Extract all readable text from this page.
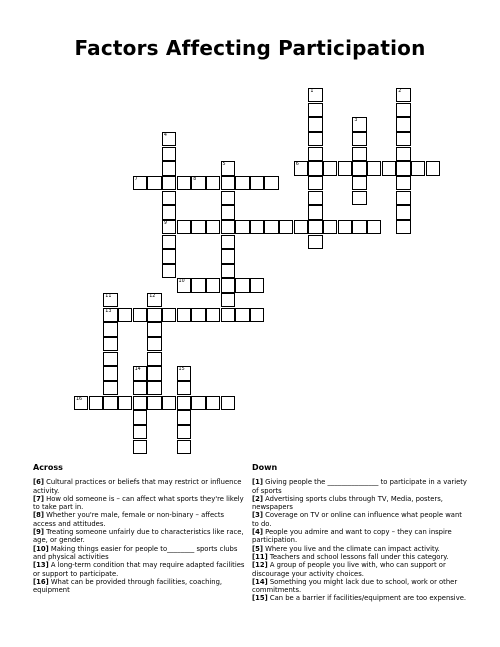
Factors Affecting Participation
1	2
3
4
9
5
11
13
12
14	15
6
7	8
10
16
Across
[6] Cultural practices or beliefs that may restrict or influence activity.
[7] How old someone is – can affect what sports they're likely to take part in.
[8] Whether you're male, female or non-binary – affects access and attitudes.
[9] Treating someone unfairly due to characteristics like race, age, or gender.
[10] Making things easier for people to________ sports clubs and physical activities
[13] A long-term condition that may require adapted facilities or support to participate.
[16] What can be provided through facilities, coaching, equipment
Down
[1] Giving people the _______________ to participate in a variety of sports
[2] Advertising sports clubs through TV, Media, posters, newspapers
[3] Coverage on TV or online can influence what people want to do.
[4] People you admire and want to copy – they can inspire participation.
[5] Where you live and the climate can impact activity.
[11] Teachers and school lessons fall under this category.
[12] A group of people you live with, who can support or discourage your activity choices.
[14] Something you might lack due to school, work or other commitments.
[15] Can be a barrier if facilities/equipment are too expensive.
